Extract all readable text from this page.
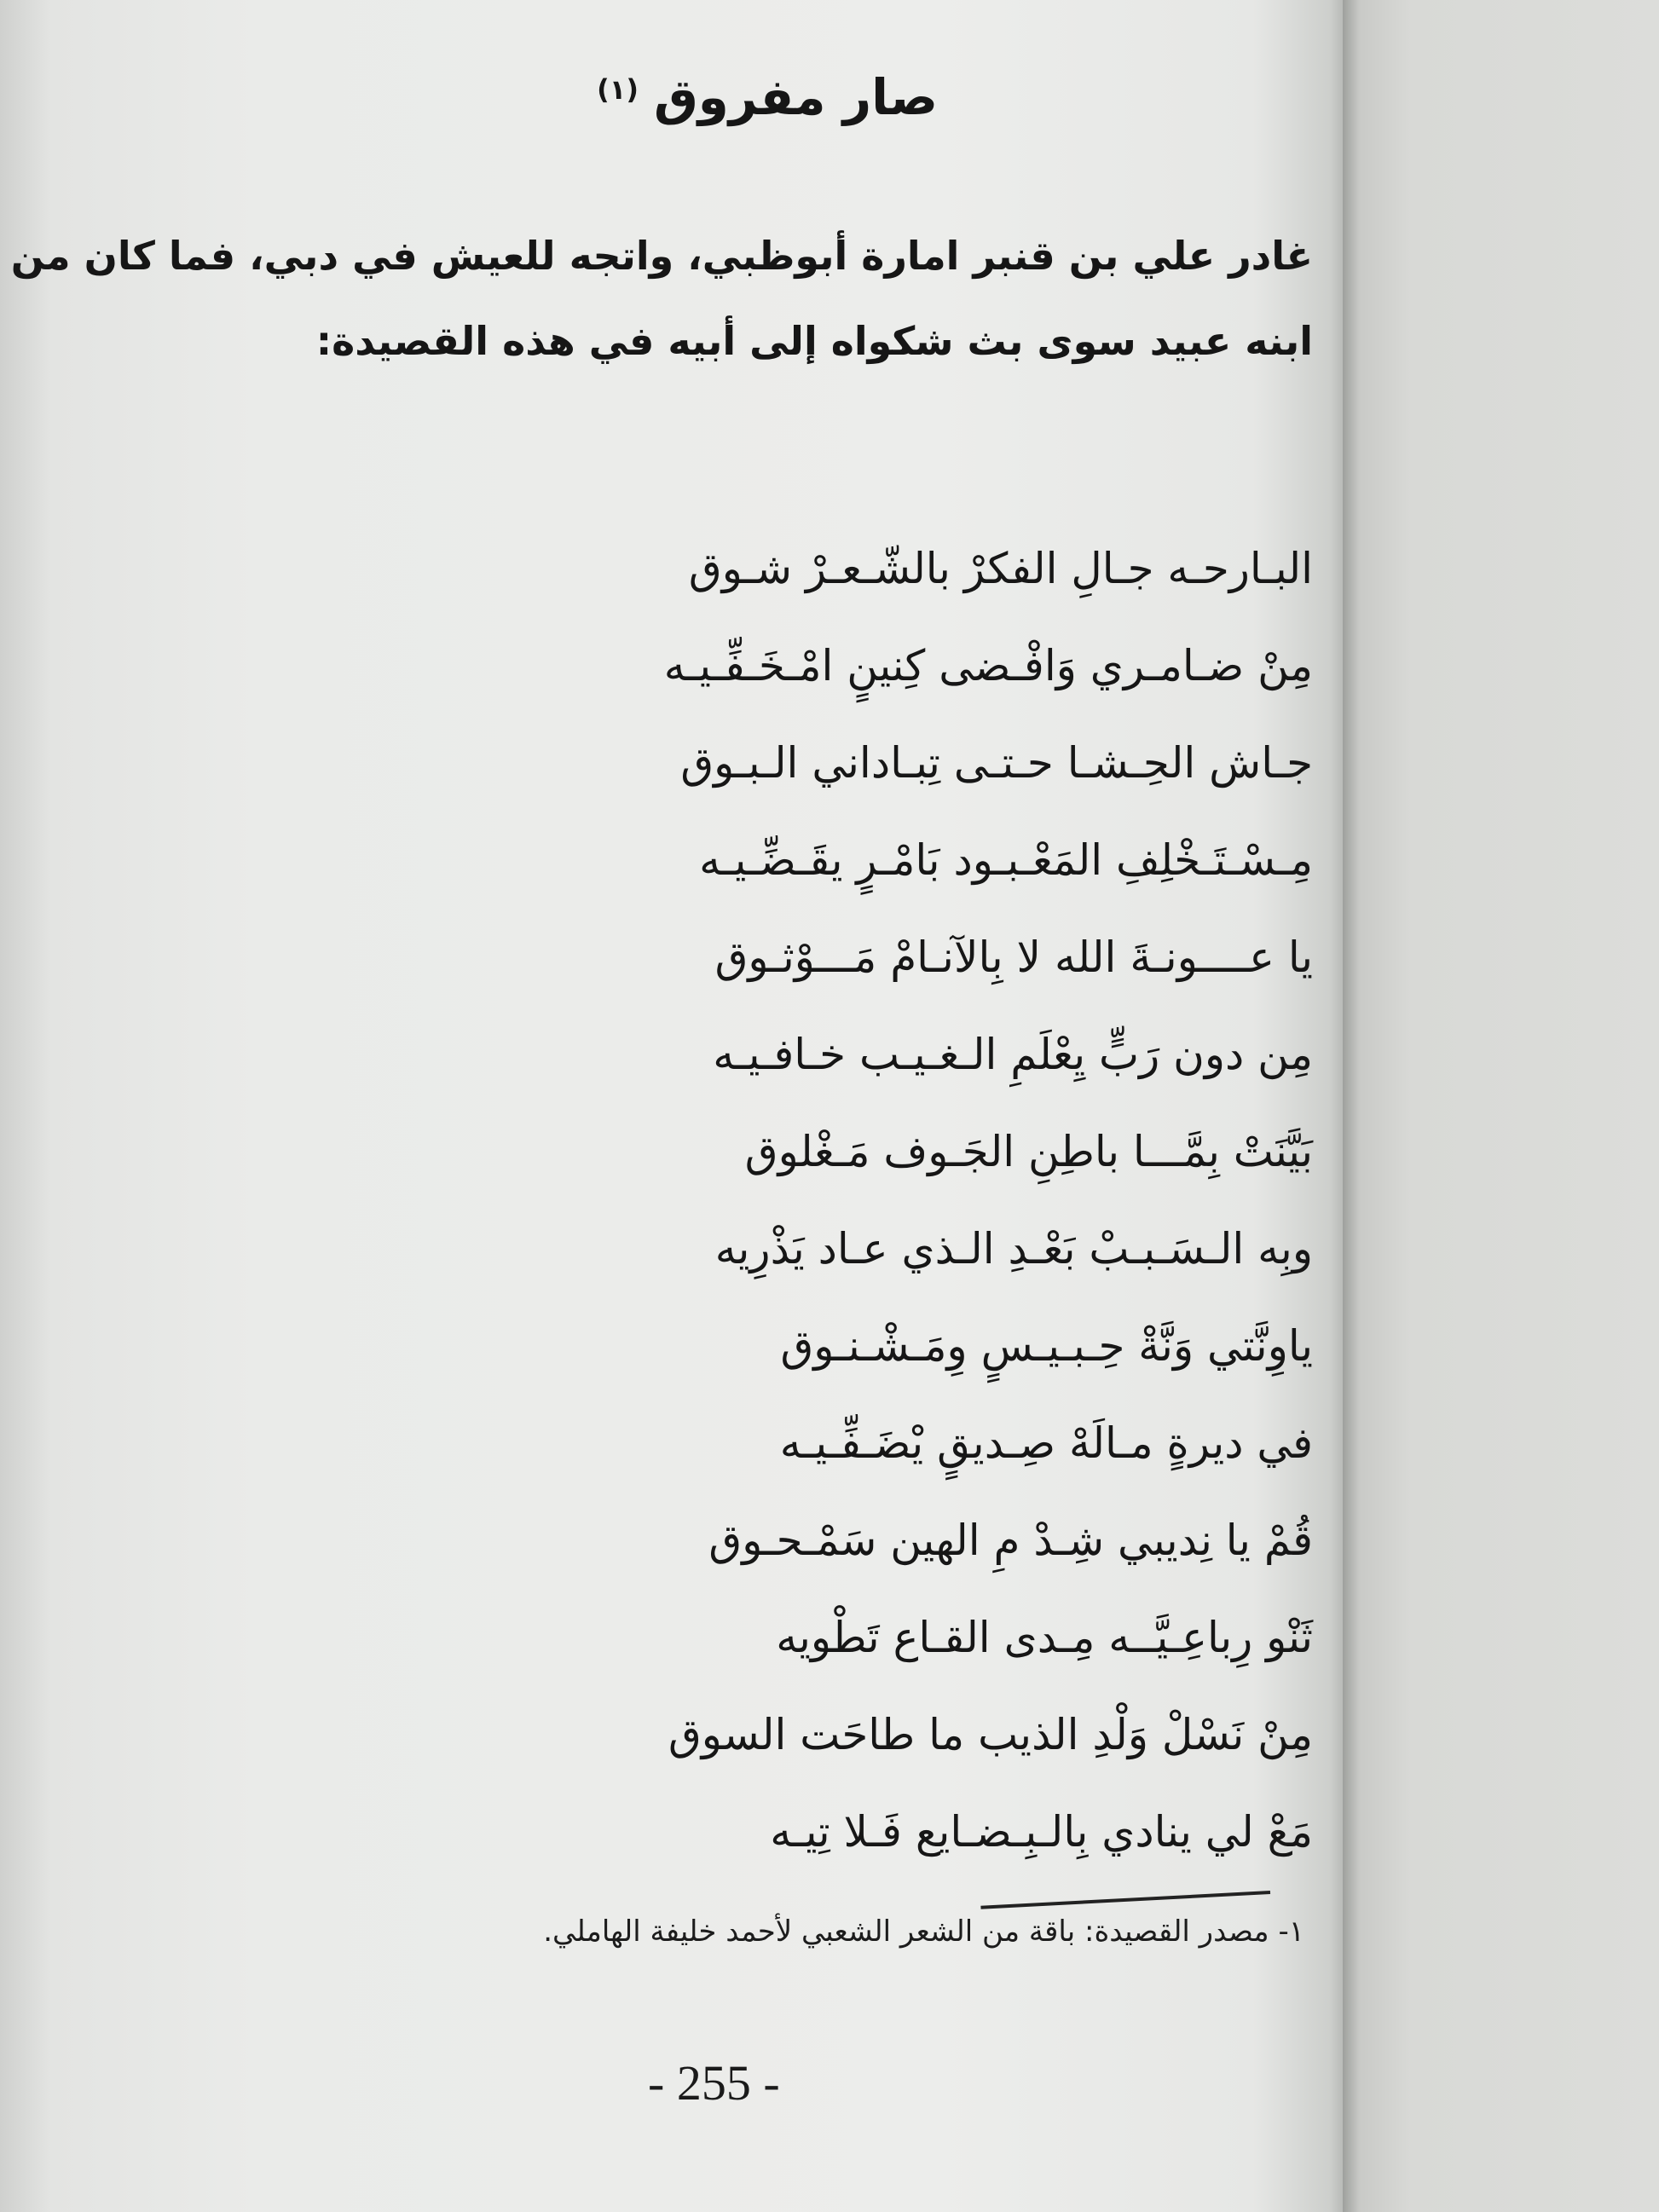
صار مفروق
(١)

غادر علي بن قنبر امارة أبوظبي، واتجه للعيش في دبي، فما كان من

ابنه عبيد سوى بث شكواه إلى أبيه في هذه القصيدة:

البـارحـه جـالِ الفكرْ بالشّـعـرْ شـوق
مِنْ ضـامـري وَافْـضى كِنينٍ امْـخَـفِّـيـه
جـاش الحِـشـا حـتـى تِبـاداني الـبـوق
مِـسْـتَـخْلِفِ المَعْـبـود بَامْـرٍ يقَـضِّـيـه
يا عــــونـةَ الله لا بِالآنـامْ مَـــوْثـوق
مِن دون رَبٍّ يِعْلَمِ الـغـيـب خـافـيـه
بَيَّنَتْ بِمَّـــا باطِنِ الجَـوف مَـغْلوق
وبِه الـسَـبـبْ بَعْـدِ الـذي عـاد يَذْرِيه
ياوِنَّتي وَنَّةْ حِـبـيـسٍ وِمَـشْـنـوق
في ديرةٍ مـالَهْ صِـديقٍ يْضَـفِّـيـه
قُمْ يا نِديبي شِـدْ مِ الهين سَمْـحـوق
ثَنْو رِباعِـيَّــه مِـدى القـاع تَطْويه
مِنْ نَسْلْ وَلْدِ الذيب ما طاحَت السوق
مَعْ لي ينادي بِالـبِـضـايع فَـلا تِيـه
١- مصدر القصيدة: باقة من الشعر الشعبي لأحمد خليفة الهاملي.
- 255 -
